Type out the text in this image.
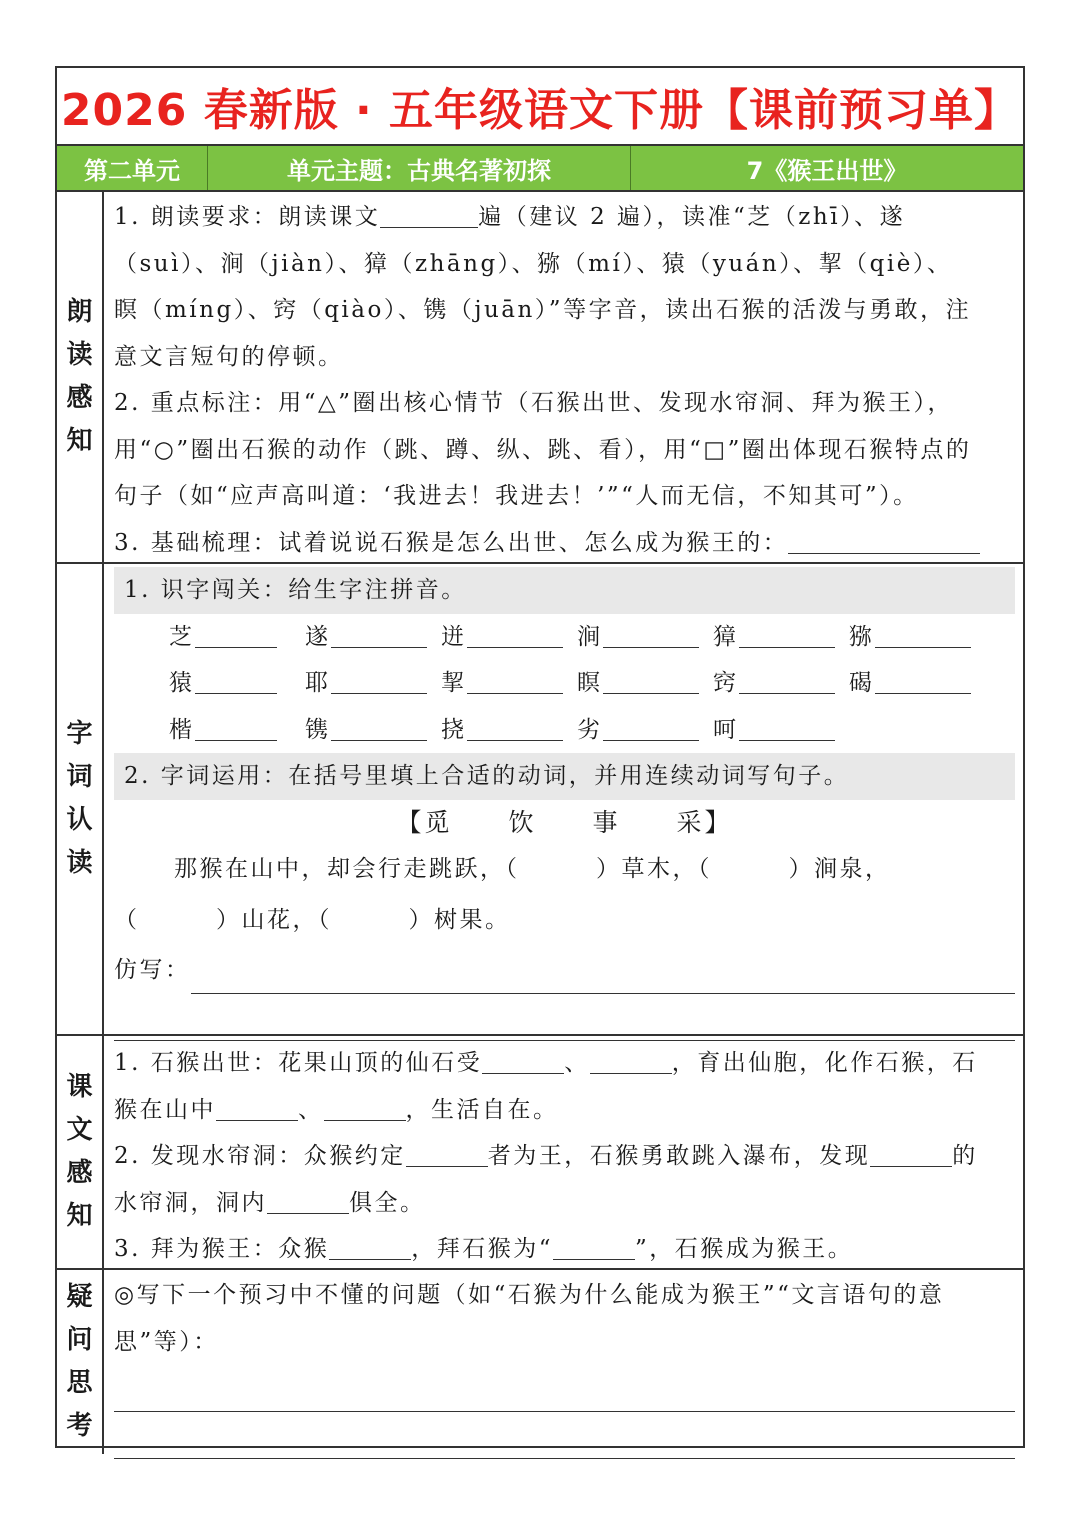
2026 春新版 · 五年级语文下册【课前预习单】
第二单元	单元主题：古典名著初探	7《猴王出世》
朗
读
感
知

1. 朗读要求：朗读课文	遍（建议 2 遍），读准“芝（zhī）、遂

（suì）、涧（jiàn）、獐（zhāng）、猕（mí）、猿（yuán）、挈（qiè）、

瞑（míng）、窍（qiào）、镌（juān）”等字音，读出石猴的活泼与勇敢，注

意文言短句的停顿。

2. 重点标注：用“△”圈出核心情节（石猴出世、发现水帘洞、拜为猴王），

用“○”圈出石猴的动作（跳、蹲、纵、跳、看），用“□”圈出体现石猴特点的

句子（如“应声高叫道：‘我进去！我进去！’”“人而无信，不知其可”）。

3. 基础梳理：试着说说石猴是怎么出世、怎么成为猴王的：

字
词
认
读

1. 识字闯关：给生字注拼音。

芝	遂	迸	涧	獐	猕
猿	耶	挈	瞑	窍	碣
楷	镌	挠	劣	呵

2. 字词运用：在括号里填上合适的动词，并用连续动词写句子。

【觅　　饮　　事　　采】

那猴在山中，却会行走跳跃，（　　　）草木，（　　　）涧泉，

（　　　）山花，（　　　）树果。

仿写：

课
文
感
知

1. 石猴出世：花果山顶的仙石受	、	，育出仙胞，化作石猴，石

猴在山中	、	，生活自在。

2. 发现水帘洞：众猴约定	者为王，石猴勇敢跳入瀑布，发现	的

水帘洞，洞内	俱全。

3. 拜为猴王：众猴	，拜石猴为“	”，石猴成为猴王。

疑
问
思
考

◎写下一个预习中不懂的问题（如“石猴为什么能成为猴王”“文言语句的意

思”等）：
